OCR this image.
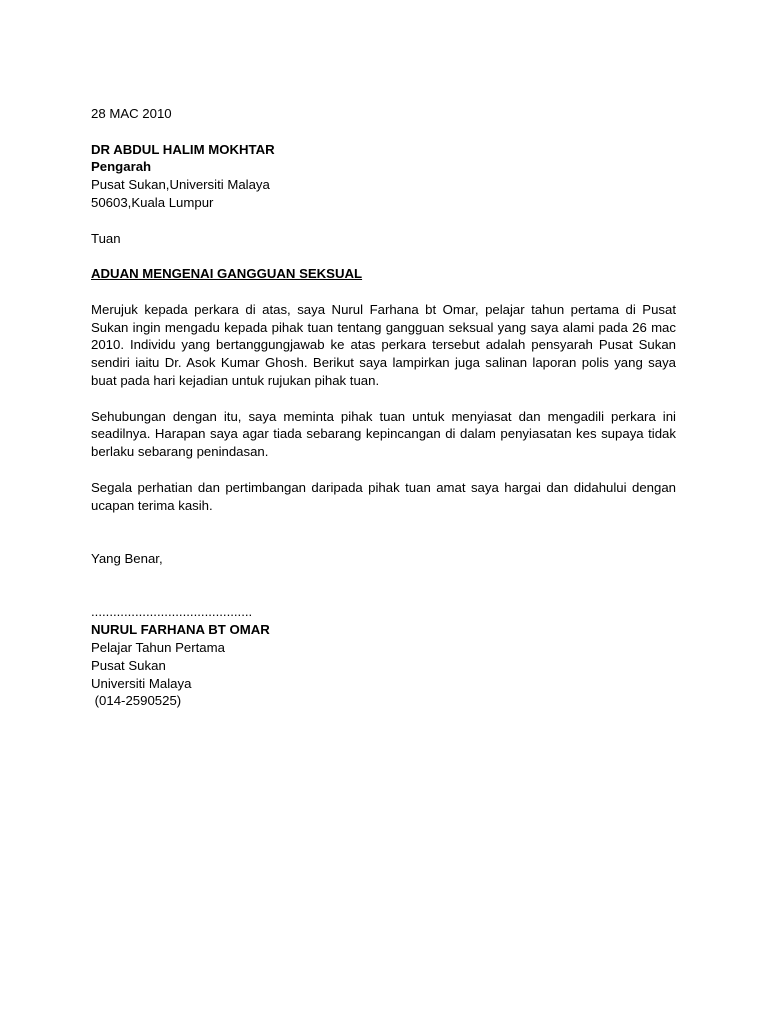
28 MAC 2010
DR ABDUL HALIM MOKHTAR
Pengarah
Pusat Sukan,Universiti Malaya
50603,Kuala Lumpur
Tuan
ADUAN MENGENAI GANGGUAN SEKSUAL
Merujuk kepada perkara di atas, saya Nurul Farhana bt Omar, pelajar tahun pertama di Pusat Sukan ingin mengadu kepada pihak tuan tentang gangguan seksual yang saya alami pada 26 mac 2010. Individu yang bertanggungjawab ke atas perkara tersebut adalah pensyarah Pusat Sukan sendiri iaitu Dr. Asok Kumar Ghosh. Berikut saya lampirkan juga salinan laporan polis yang saya buat pada hari kejadian untuk rujukan pihak tuan.
Sehubungan dengan itu, saya meminta pihak tuan untuk menyiasat dan mengadili perkara ini seadilnya. Harapan saya agar tiada sebarang kepincangan di dalam penyiasatan kes supaya tidak berlaku sebarang penindasan.
Segala perhatian dan pertimbangan daripada pihak tuan amat saya hargai dan didahului dengan ucapan terima kasih.
Yang Benar,
............................................
NURUL FARHANA BT OMAR
Pelajar Tahun Pertama
Pusat Sukan
Universiti Malaya
(014-2590525)
